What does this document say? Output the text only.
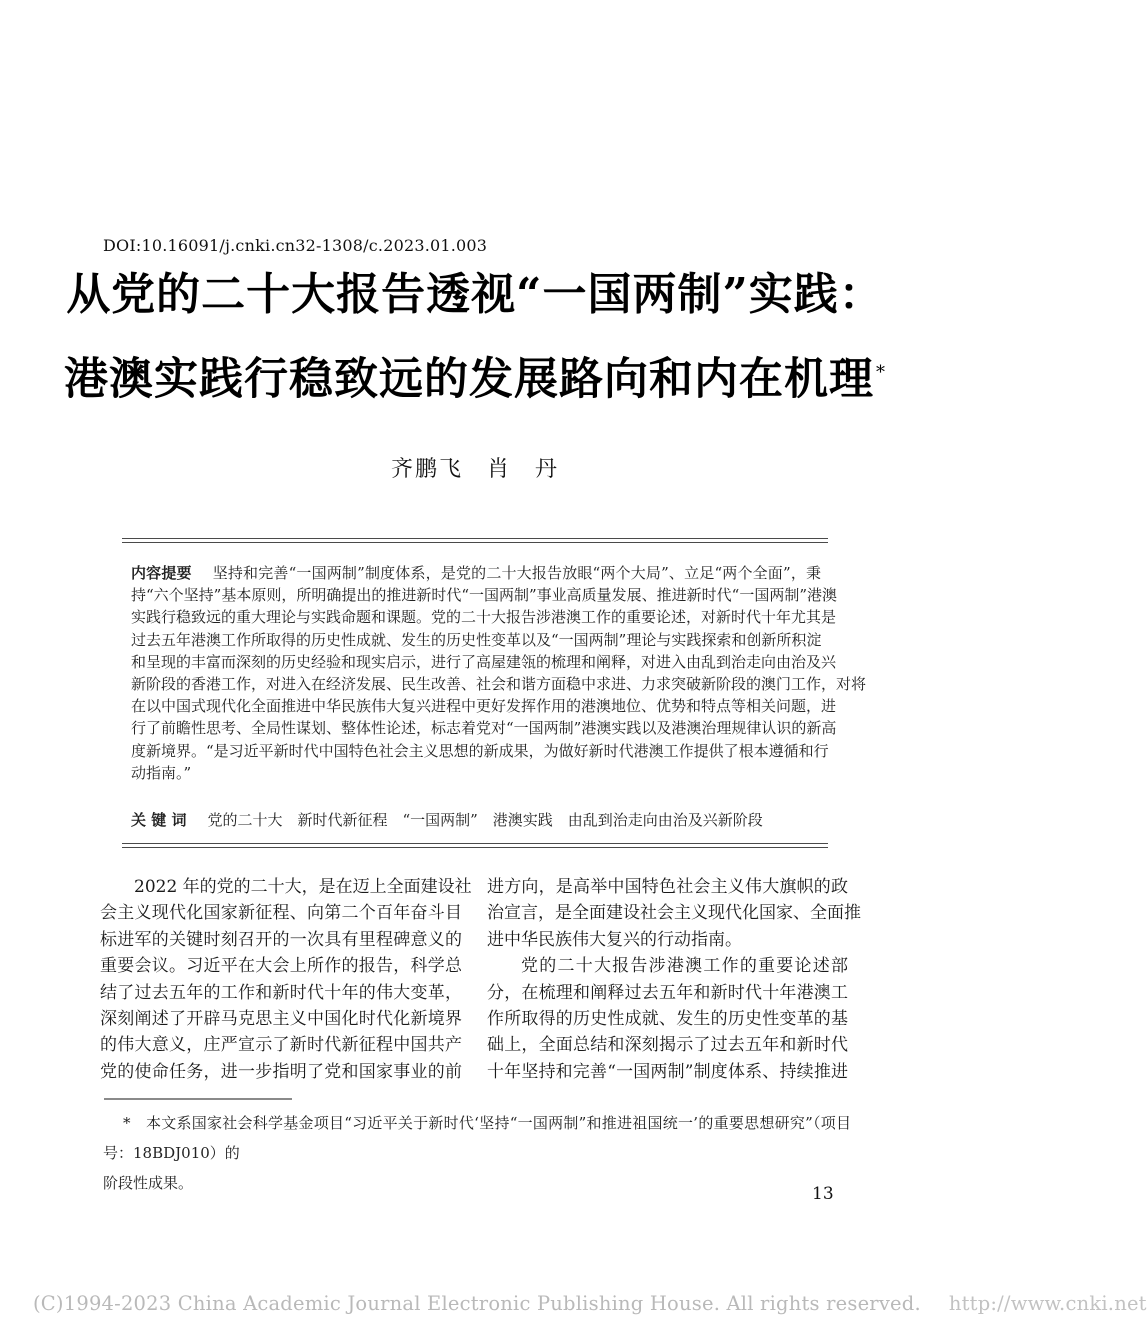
DOI:10.16091/j.cnki.cn32-1308/c.2023.01.003
从党的二十大报告透视“一国两制”实践：
港澳实践行稳致远的发展路向和内在机理 *
齐鹏飞　肖　丹
内容提要 坚持和完善“一国两制”制度体系，是党的二十大报告放眼“两个大局”、立足“两个全面”，秉
持“六个坚持”基本原则，所明确提出的推进新时代“一国两制”事业高质量发展、推进新时代“一国两制”港澳
实践行稳致远的重大理论与实践命题和课题。党的二十大报告涉港澳工作的重要论述，对新时代十年尤其是
过去五年港澳工作所取得的历史性成就、发生的历史性变革以及“一国两制”理论与实践探索和创新所积淀
和呈现的丰富而深刻的历史经验和现实启示，进行了高屋建瓴的梳理和阐释，对进入由乱到治走向由治及兴
新阶段的香港工作，对进入在经济发展、民生改善、社会和谐方面稳中求进、力求突破新阶段的澳门工作，对将
在以中国式现代化全面推进中华民族伟大复兴进程中更好发挥作用的港澳地位、优势和特点等相关问题，进
行了前瞻性思考、全局性谋划、整体性论述，标志着党对“一国两制”港澳实践以及港澳治理规律认识的新高
度新境界。“是习近平新时代中国特色社会主义思想的新成果，为做好新时代港澳工作提供了根本遵循和行
动指南。”
关 键 词 党的二十大　新时代新征程　“一国两制”　港澳实践　由乱到治走向由治及兴新阶段
2022 年的党的二十大，是在迈上全面建设社
会主义现代化国家新征程、向第二个百年奋斗目
标进军的关键时刻召开的一次具有里程碑意义的
重要会议。习近平在大会上所作的报告，科学总
结了过去五年的工作和新时代十年的伟大变革，
深刻阐述了开辟马克思主义中国化时代化新境界
的伟大意义，庄严宣示了新时代新征程中国共产
党的使命任务，进一步指明了党和国家事业的前
进方向，是高举中国特色社会主义伟大旗帜的政
治宣言，是全面建设社会主义现代化国家、全面推
进中华民族伟大复兴的行动指南。
党的二十大报告涉港澳工作的重要论述部
分，在梳理和阐释过去五年和新时代十年港澳工
作所取得的历史性成就、发生的历史性变革的基
础上，全面总结和深刻揭示了过去五年和新时代
十年坚持和完善“一国两制”制度体系、持续推进
*　本文系国家社会科学基金项目“习近平关于新时代‘坚持“一国两制”和推进祖国统一’的重要思想研究”（项目号：18BDJ010）的
阶段性成果。
13
(C)1994-2023 China Academic Journal Electronic Publishing House. All rights reserved. http://www.cnki.net
